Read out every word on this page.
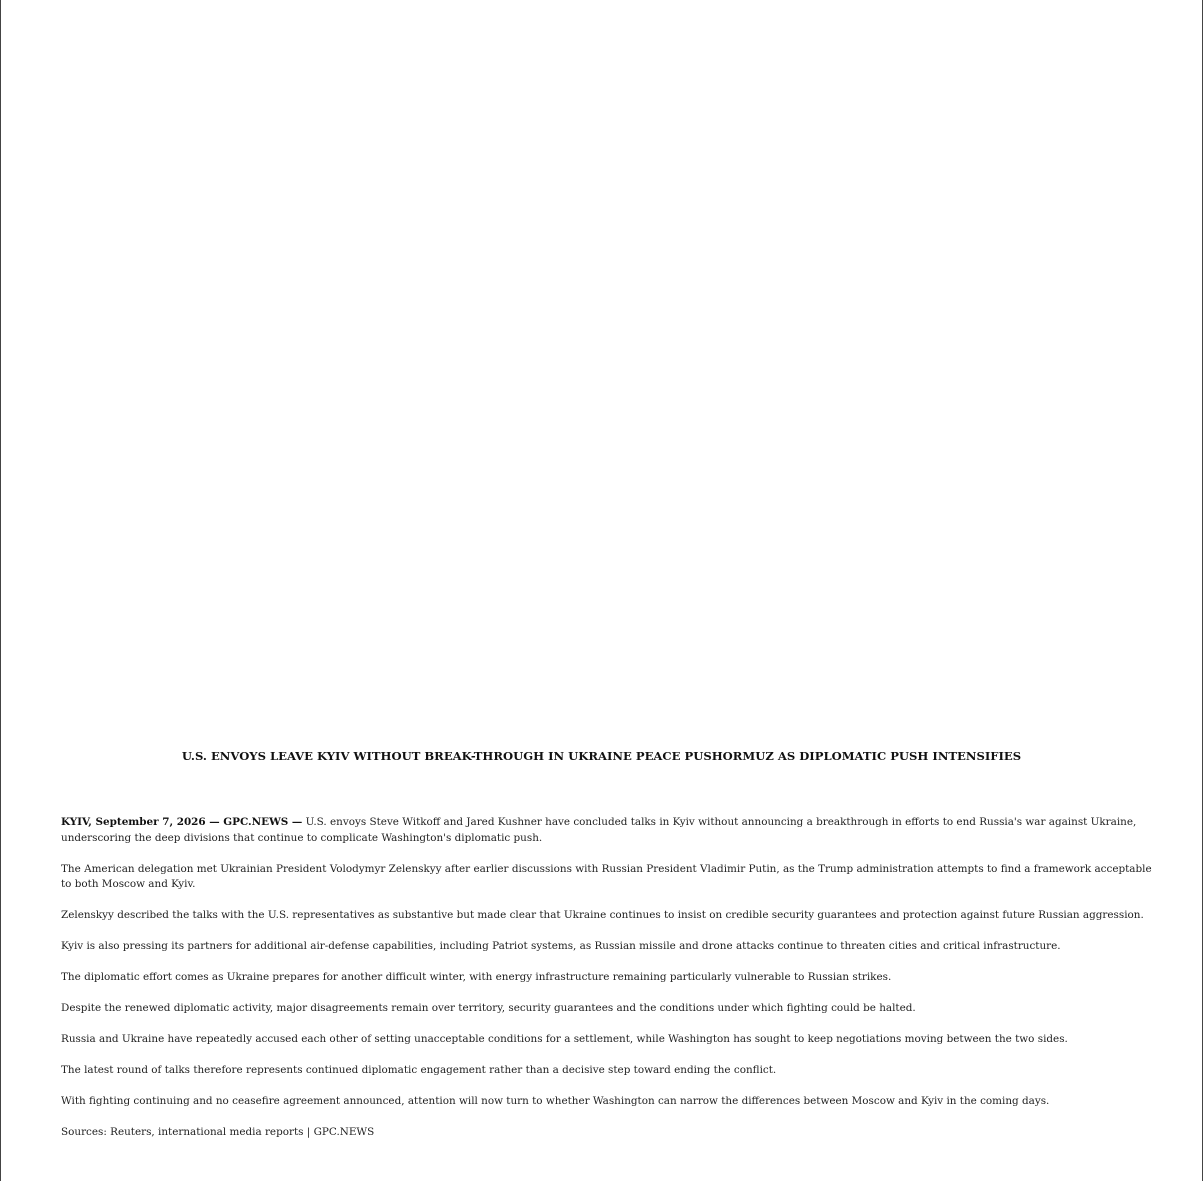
U.S. ENVOYS LEAVE KYIV WITHOUT BREAK-THROUGH IN UKRAINE PEACE PUSHORMUZ AS DIPLOMATIC PUSH INTENSIFIES

KYIV, September 7, 2026 — GPC.NEWS — U.S. envoys Steve Witkoff and Jared Kushner have concluded talks in Kyiv without announcing a breakthrough in efforts to end Russia's war against Ukraine, underscoring the deep divisions that continue to complicate Washington's diplomatic push.

The American delegation met Ukrainian President Volodymyr Zelenskyy after earlier discussions with Russian President Vladimir Putin, as the Trump administration attempts to find a framework acceptable to both Moscow and Kyiv.

Zelenskyy described the talks with the U.S. representatives as substantive but made clear that Ukraine continues to insist on credible security guarantees and protection against future Russian aggression.

Kyiv is also pressing its partners for additional air-defense capabilities, including Patriot systems, as Russian missile and drone attacks continue to threaten cities and critical infrastructure.

The diplomatic effort comes as Ukraine prepares for another difficult winter, with energy infrastructure remaining particularly vulnerable to Russian strikes.

Despite the renewed diplomatic activity, major disagreements remain over territory, security guarantees and the conditions under which fighting could be halted.

Russia and Ukraine have repeatedly accused each other of setting unacceptable conditions for a settlement, while Washington has sought to keep negotiations moving between the two sides.

The latest round of talks therefore represents continued diplomatic engagement rather than a decisive step toward ending the conflict.

With fighting continuing and no ceasefire agreement announced, attention will now turn to whether Washington can narrow the differences between Moscow and Kyiv in the coming days.

Sources: Reuters, international media reports | GPC.NEWS
